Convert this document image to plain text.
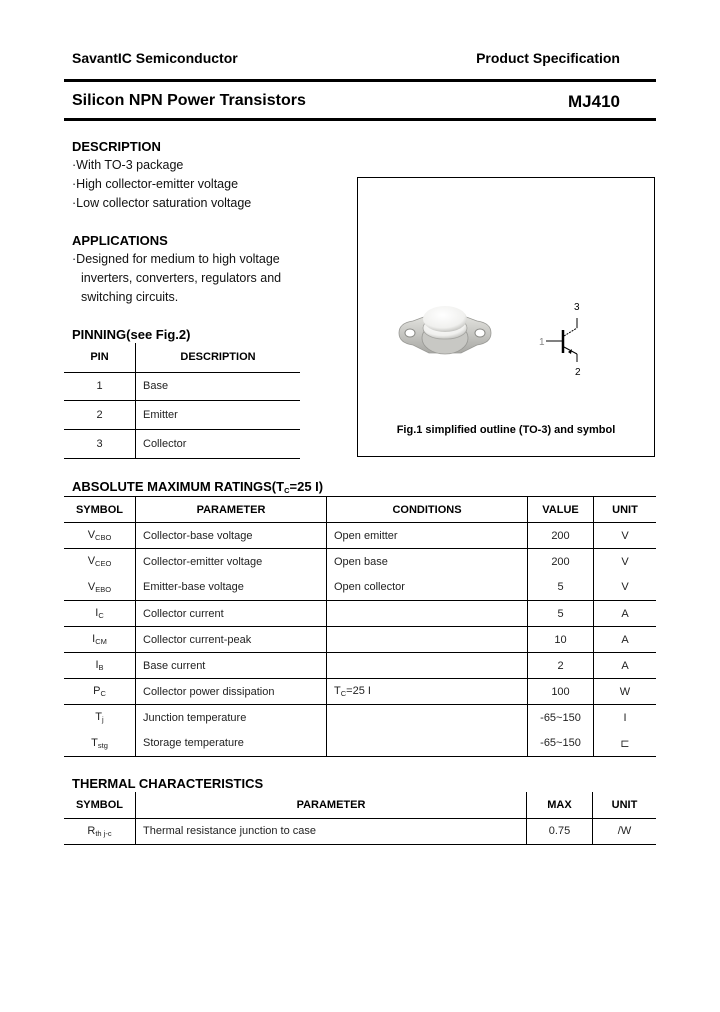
SavantIC Semiconductor	Product Specification
Silicon NPN Power Transistors	MJ410
DESCRIPTION
·With TO-3 package
·High collector-emitter voltage
·Low collector saturation voltage
APPLICATIONS
·Designed for medium to high voltage
inverters, converters, regulators and
switching circuits.
PINNING(see Fig.2)
PIN	DESCRIPTION
1	Base
2	Emitter
3	Collector
3
1
2
Fig.1 simplified outline (TO-3) and symbol
ABSOLUTE MAXIMUM $RATINGS(T_C=25$ I)
SYMBOL	PARAMETER	CONDITIONS	VALUE	UNIT
$V_{CBO}$	Collector-base voltage	Open emitter	200	V
$V_{CEO}$	Collector-emitter voltage	Open base	200	V
$V_{EBO}$	Emitter-base voltage	Open collector	5	V
$I_C$	Collector current		5	A
$I_{CM}$	Collector current-peak		10	A
$I_B$	Base current		2	A
$P_C$	Collector power dissipation	$T_C=25$ I	100	W
$T_j$	Junction temperature		-65~150	I
$T_{stg}$	Storage temperature		-65~150	⊏
THERMAL CHARACTERISTICS
SYMBOL	PARAMETER	MAX	UNIT
$R_{th j-c}$	Thermal resistance junction to case	0.75	/W
